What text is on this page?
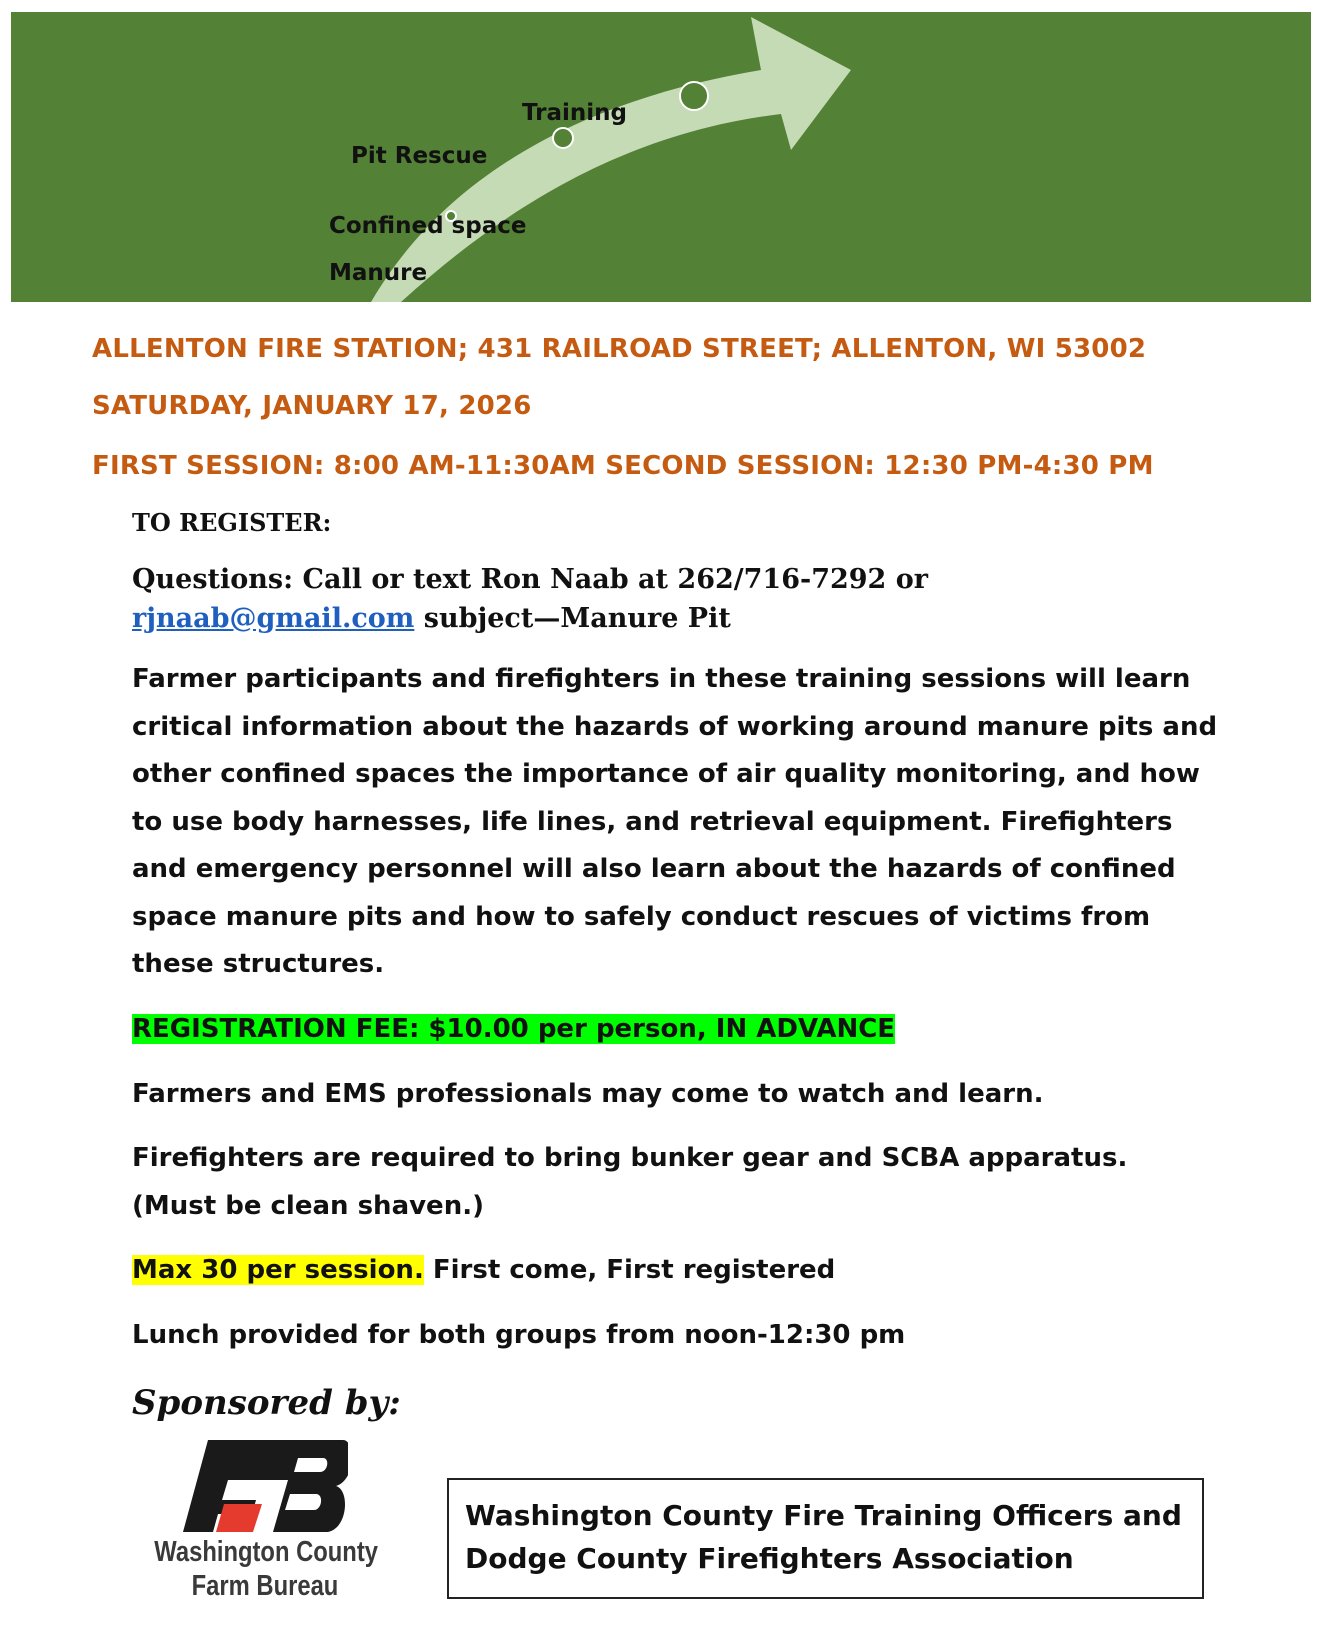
Training
Pit Rescue
Confined space
Manure
ALLENTON FIRE STATION; 431 RAILROAD STREET; ALLENTON, WI 53002
SATURDAY, JANUARY 17, 2026
FIRST SESSION: 8:00 AM-11:30AM SECOND SESSION: 12:30 PM-4:30 PM
TO REGISTER:
Questions: Call or text Ron Naab at 262/716-7292 or
rjnaab@gmail.com subject—Manure Pit
Farmer participants and firefighters in these training sessions will learn critical information about the hazards of working around manure pits and other confined spaces the importance of air quality monitoring, and how to use body harnesses, life lines, and retrieval equipment. Firefighters and emergency personnel will also learn about the hazards of confined space manure pits and how to safely conduct rescues of victims from these structures.
REGISTRATION FEE: $10.00 per person, IN ADVANCE
Farmers and EMS professionals may come to watch and learn.
Firefighters are required to bring bunker gear and SCBA apparatus. (Must be clean shaven.)
Max 30 per session. First come, First registered
Lunch provided for both groups from noon-12:30 pm
Sponsored by:
Washington County
Farm Bureau
Washington County Fire Training Officers and Dodge County Firefighters Association
